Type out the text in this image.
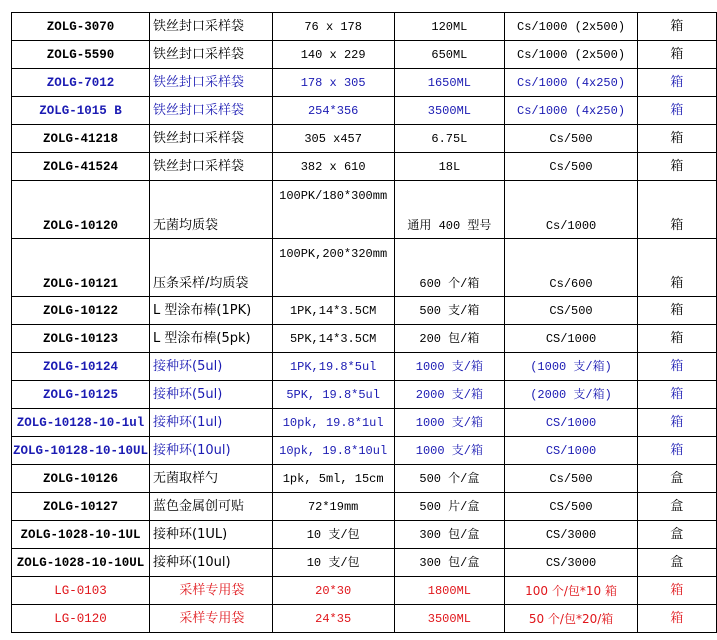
ZOLG-3070	铁丝封口采样袋	76 x 178	120ML	Cs/1000 (2x500)	箱
ZOLG-5590	铁丝封口采样袋	140 x 229	650ML	Cs/1000 (2x500)	箱
ZOLG-7012	铁丝封口采样袋	178 x 305	1650ML	Cs/1000 (4x250)	箱
ZOLG-1015 B	铁丝封口采样袋	254*356	3500ML	Cs/1000 (4x250)	箱
ZOLG-41218	铁丝封口采样袋	305 x457	6.75L	Cs/500	箱
ZOLG-41524	铁丝封口采样袋	382 x 610	18L	Cs/500	箱
ZOLG-10120	无菌均质袋	100PK/180*300mm	通用 400 型号	Cs/1000	箱
ZOLG-10121	压条采样/均质袋	100PK,200*320mm	600 个/箱	Cs/600	箱
ZOLG-10122	L 型涂布棒(1PK)	1PK,14*3.5CM	500 支/箱	CS/500	箱
ZOLG-10123	L 型涂布棒(5pk)	5PK,14*3.5CM	200 包/箱	CS/1000	箱
ZOLG-10124	接种环(5ul)	1PK,19.8*5ul	1000 支/箱	(1000 支/箱)	箱
ZOLG-10125	接种环(5ul)	5PK, 19.8*5ul	2000 支/箱	(2000 支/箱)	箱
ZOLG-10128-10-1ul	接种环(1ul)	10pk, 19.8*1ul	1000 支/箱	CS/1000	箱
ZOLG-10128-10-10UL	接种环(10ul)	10pk, 19.8*10ul	1000 支/箱	CS/1000	箱
ZOLG-10126	无菌取样勺	1pk, 5ml, 15cm	500 个/盒	Cs/500	盒
ZOLG-10127	蓝色金属创可贴	72*19mm	500 片/盒	CS/500	盒
ZOLG-1028-10-1UL	接种环(1UL)	10 支/包	300 包/盒	CS/3000	盒
ZOLG-1028-10-10UL	接种环(10ul)	10 支/包	300 包/盒	CS/3000	盒
LG-0103	采样专用袋	20*30	1800ML	100 个/包*10 箱	箱
LG-0120	采样专用袋	24*35	3500ML	50 个/包*20/箱	箱
